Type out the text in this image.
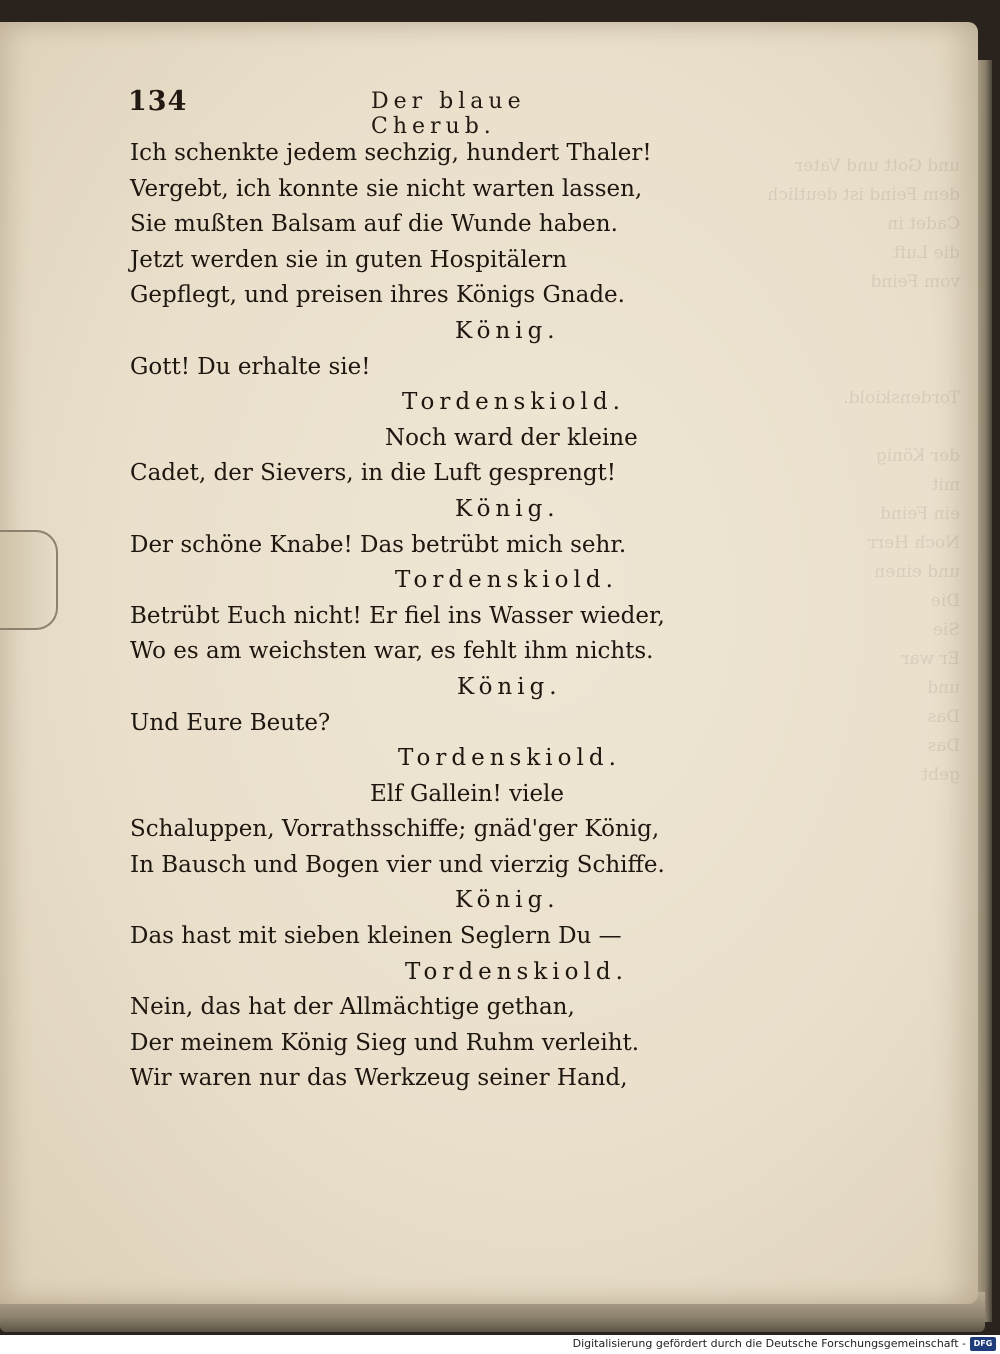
und Gott und Vater
dem Feind ist deutlich
Cadet in
die Luft
vom Feind

Tordenskiold.

der König
mit
ein Feind
Noch Herr
und einen
Die
Sie
Er war
und
Das
Das
gebt
134	Der blaue Cherub.
Ich schenkte jedem sechzig, hundert Thaler!
Vergebt, ich konnte sie nicht warten lassen,
Sie mußten Balsam auf die Wunde haben.
Jetzt werden sie in guten Hospitälern
Gepflegt, und preisen ihres Königs Gnade.
König.
Gott! Du erhalte sie!
Tordenskiold.
Noch ward der kleine
Cadet, der Sievers, in die Luft gesprengt!
König.
Der schöne Knabe! Das betrübt mich sehr.
Tordenskiold.
Betrübt Euch nicht! Er fiel ins Wasser wieder,
Wo es am weichsten war, es fehlt ihm nichts.
König.
Und Eure Beute?
Tordenskiold.
Elf Gallein! viele
Schaluppen, Vorrathsschiffe; gnäd'ger König,
In Bausch und Bogen vier und vierzig Schiffe.
König.
Das hast mit sieben kleinen Seglern Du —
Tordenskiold.
Nein, das hat der Allmächtige gethan,
Der meinem König Sieg und Ruhm verleiht.
Wir waren nur das Werkzeug seiner Hand,
Digitalisierung gefördert durch die Deutsche Forschungsgemeinschaft - DFG
